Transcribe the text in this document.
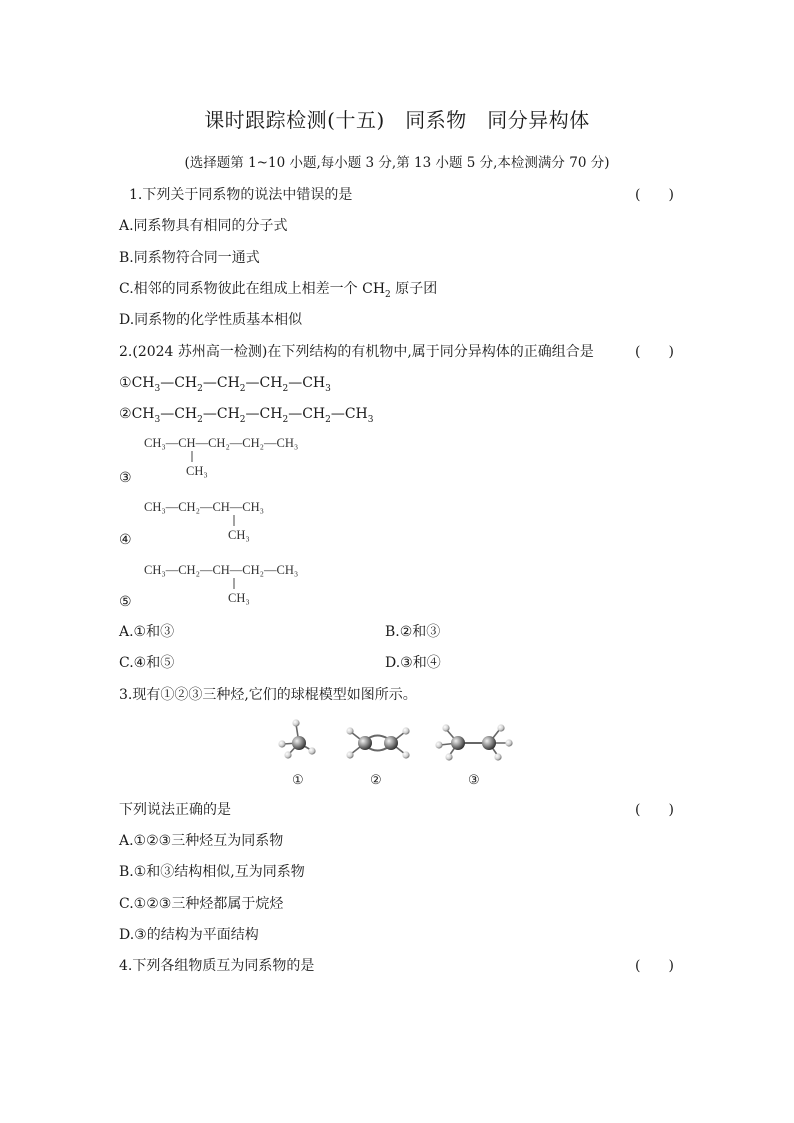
课时跟踪检测(十五)　同系物　同分异构体
(选择题第 1~10 小题,每小题 3 分,第 13 小题 5 分,本检测满分 70 分)
1.下列关于同系物的说法中错误的是	(　　)
A.同系物具有相同的分子式
B.同系物符合同一通式
C.相邻的同系物彼此在组成上相差一个 $CH_2$ 原子团
D.同系物的化学性质基本相似
2.(2024 苏州高一检测)在下列结构的有机物中,属于同分异构体的正确组合是	(　　)
$①CH_3—CH_2—CH_2—CH_2—CH_3$
$②CH_3—CH_2—CH_2—CH_2—CH_2—CH_3$
CH₃—CH—CH₂—CH₂—CH₃
CH₃
③
CH₃—CH₂—CH—CH₃
CH₃
④
CH₃—CH₂—CH—CH₂—CH₃
CH₃
⑤
A.①和③	B.②和③
C.④和⑤	D.③和④
3.现有①②③三种烃,它们的球棍模型如图所示。
①	②	③
下列说法正确的是	(　　)
A.①②③三种烃互为同系物
B.①和③结构相似,互为同系物
C.①②③三种烃都属于烷烃
D.③的结构为平面结构
4.下列各组物质互为同系物的是	(　　)
